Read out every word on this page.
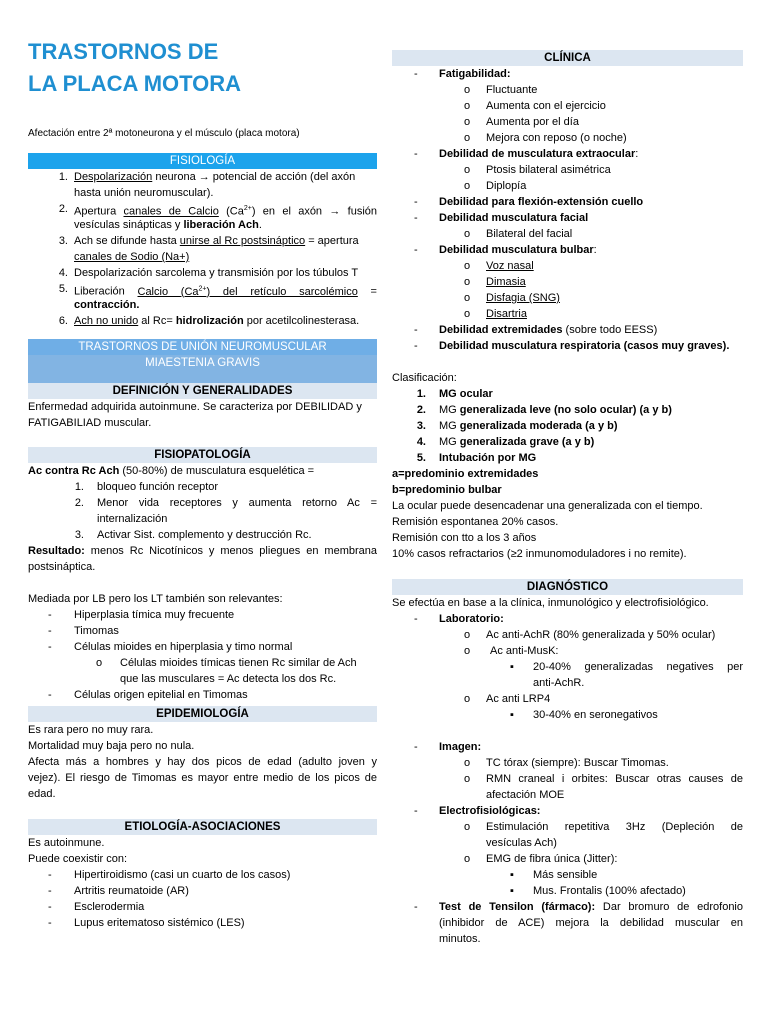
TRASTORNOS DE
LA PLACA MOTORA
Afectación entre 2ª motoneurona y el músculo (placa motora)
FISIOLOGÍA
1. Despolarización neurona → potencial de acción (del axón
hasta unión neuromuscular).
2. Apertura canales de Calcio $(Ca^{2+})$ en el axón → fusión
vesículas sinápticas y liberación Ach.
3. Ach se difunde hasta unirse al Rc postsináptico = apertura
canales de Sodio (Na+)
4. Despolarización sarcolema y transmisión por los túbulos T
5. Liberación Calcio $(Ca^{2+})$ del retículo sarcolémico =
contracción.
6. Ach no unido al Rc= hidrolización por acetilcolinesterasa.
TRASTORNOS DE UNIÓN NEUROMUSCULAR
MIAESTENIA GRAVIS
DEFINICIÓN Y GENERALIDADES
Enfermedad adquirida autoinmune. Se caracteriza por DEBILIDAD y
FATIGABILIAD muscular.
FISIOPATOLOGÍA
Ac contra Rc Ach (50-80%) de musculatura esquelética =
1. bloqueo función receptor
2. Menor vida receptores y aumenta retorno Ac =
internalización
3. Activar Sist. complemento y destrucción Rc.
Resultado: menos Rc Nicotínicos y menos pliegues en membrana
postsináptica.
Mediada por LB pero los LT también son relevantes:
-	Hiperplasia tímica muy frecuente
-	Timomas
-	Células mioides en hiperplasia y timo normal
o Células mioides tímicas tienen Rc similar de Ach
que las musculares = Ac detecta los dos Rc.
-	Células origen epitelial en Timomas
EPIDEMIOLOGÍA
Es rara pero no muy rara.
Mortalidad muy baja pero no nula.
Afecta más a hombres y hay dos picos de edad (adulto joven y
vejez). El riesgo de Timomas es mayor entre medio de los picos de
edad.
ETIOLOGÍA-ASOCIACIONES
Es autoinmune.
Puede coexistir con:
-	Hipertiroidismo (casi un cuarto de los casos)
-	Artritis reumatoide (AR)
-	Esclerodermia
-	Lupus eritematoso sistémico (LES)
CLÍNICA
-	Fatigabilidad:
o Fluctuante
o Aumenta con el ejercicio
o Aumenta por el día
o Mejora con reposo (o noche)
-	Debilidad de musculatura extraocular:
o Ptosis bilateral asimétrica
o Diplopía
-	Debilidad para flexión-extensión cuello
-	Debilidad musculatura facial
o Bilateral del facial
-	Debilidad musculatura bulbar:
o Voz nasal
o Dimasia
o Disfagia (SNG)
o Disartria
-	Debilidad extremidades (sobre todo EESS)
-	Debilidad musculatura respiratoria (casos muy graves).
Clasificación:
1. MG ocular
2. MG generalizada leve (no solo ocular) (a y b)
3. MG generalizada moderada (a y b)
4. MG generalizada grave (a y b)
5. Intubación por MG
a=predominio extremidades
b=predominio bulbar
La ocular puede desencadenar una generalizada con el tiempo.
Remisión espontanea 20% casos.
Remisión con tto a los 3 años
10% casos refractarios (≥2 inmunomoduladores i no remite).
DIAGNÓSTICO
Se efectúa en base a la clínica, inmunológico y electrofisiológico.
-	Laboratorio:
o Ac anti-AchR (80% generalizada y 50% ocular)
o Ac anti-MusK:
▪ 20-40% generalizadas negatives per
anti-AchR.
o Ac anti LRP4
▪ 30-40% en seronegativos
-	Imagen:
o TC tórax (siempre): Buscar Timomas.
o RMN craneal i orbites: Buscar otras causes de
afectación MOE
-	Electrofisiológicas:
o Estimulación repetitiva 3Hz (Depleción de
vesículas Ach)
o EMG de fibra única (Jitter):
▪ Más sensible
▪ Mus. Frontalis (100% afectado)
-	Test de Tensilon (fármaco): Dar bromuro de edrofonio
(inhibidor de ACE) mejora la debilidad muscular en
minutos.
